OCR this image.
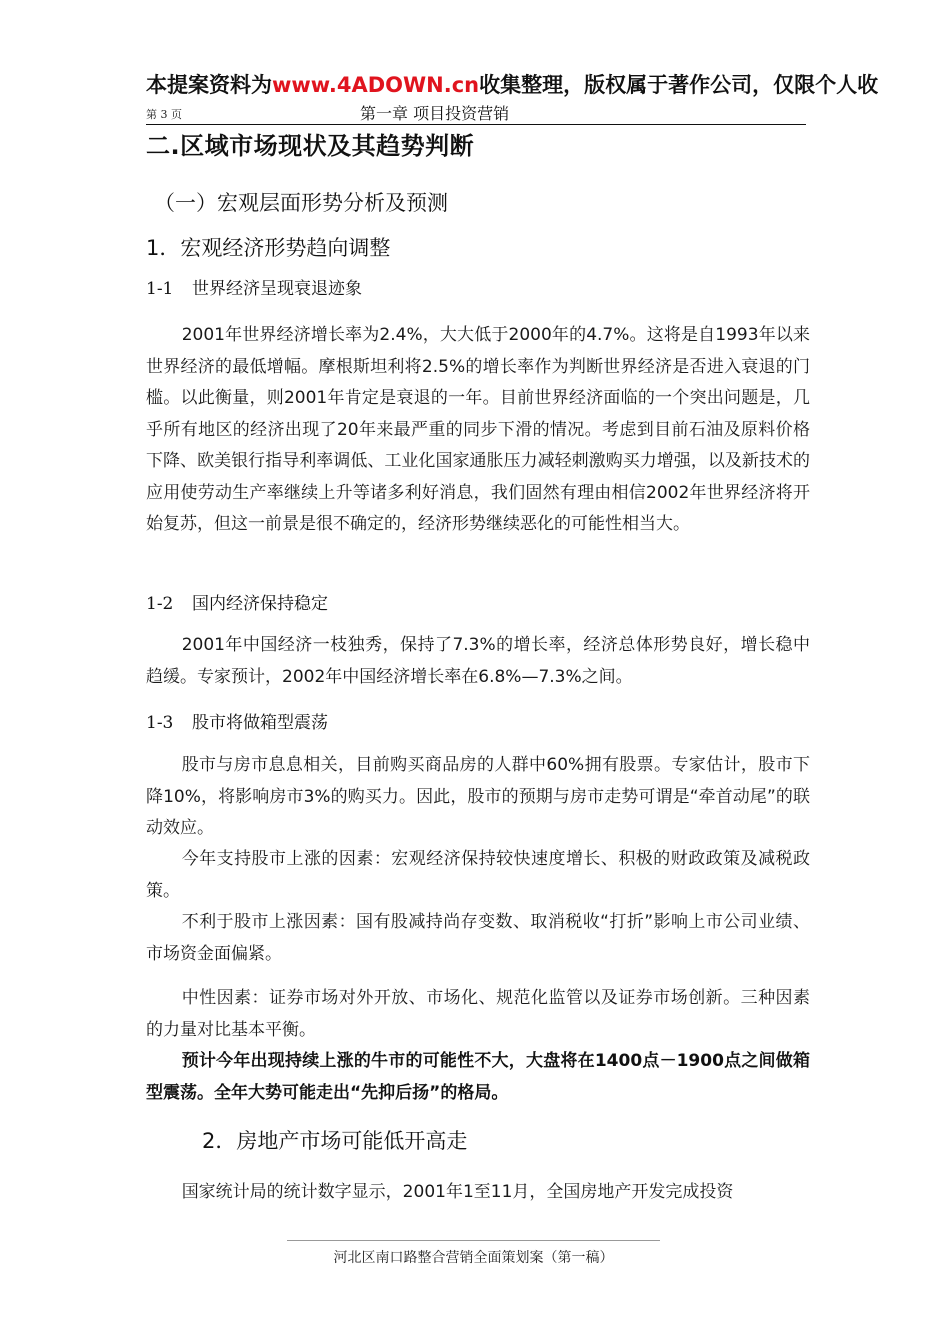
本提案资料为www.4ADOWN.cn收集整理，版权属于著作公司，仅限个人收
第 3 页	第一章 项目投资营销
二.区域市场现状及其趋势判断
（一）宏观层面形势分析及预测
1．宏观经济形势趋向调整
1-1 世界经济呈现衰退迹象
2001年世界经济增长率为2.4%，大大低于2000年的4.7%。这将是自1993年以来世界经济的最低增幅。摩根斯坦利将2.5%的增长率作为判断世界经济是否进入衰退的门槛。以此衡量，则2001年肯定是衰退的一年。目前世界经济面临的一个突出问题是，几乎所有地区的经济出现了20年来最严重的同步下滑的情况。考虑到目前石油及原料价格下降、欧美银行指导利率调低、工业化国家通胀压力减轻刺激购买力增强，以及新技术的应用使劳动生产率继续上升等诸多利好消息，我们固然有理由相信2002年世界经济将开始复苏，但这一前景是很不确定的，经济形势继续恶化的可能性相当大。
1-2 国内经济保持稳定
2001年中国经济一枝独秀，保持了7.3%的增长率，经济总体形势良好，增长稳中趋缓。专家预计，2002年中国经济增长率在6.8%—7.3%之间。
1-3 股市将做箱型震荡
股市与房市息息相关，目前购买商品房的人群中60%拥有股票。专家估计，股市下降10%，将影响房市3%的购买力。因此，股市的预期与房市走势可谓是“牵首动尾”的联动效应。
今年支持股市上涨的因素：宏观经济保持较快速度增长、积极的财政政策及减税政策。
不利于股市上涨因素：国有股减持尚存变数、取消税收“打折”影响上市公司业绩、市场资金面偏紧。
中性因素：证券市场对外开放、市场化、规范化监管以及证券市场创新。三种因素的力量对比基本平衡。
预计今年出现持续上涨的牛市的可能性不大，大盘将在1400点－1900点之间做箱型震荡。全年大势可能走出“先抑后扬”的格局。
2．房地产市场可能低开高走
国家统计局的统计数字显示，2001年1至11月，全国房地产开发完成投资
河北区南口路整合营销全面策划案（第一稿）
